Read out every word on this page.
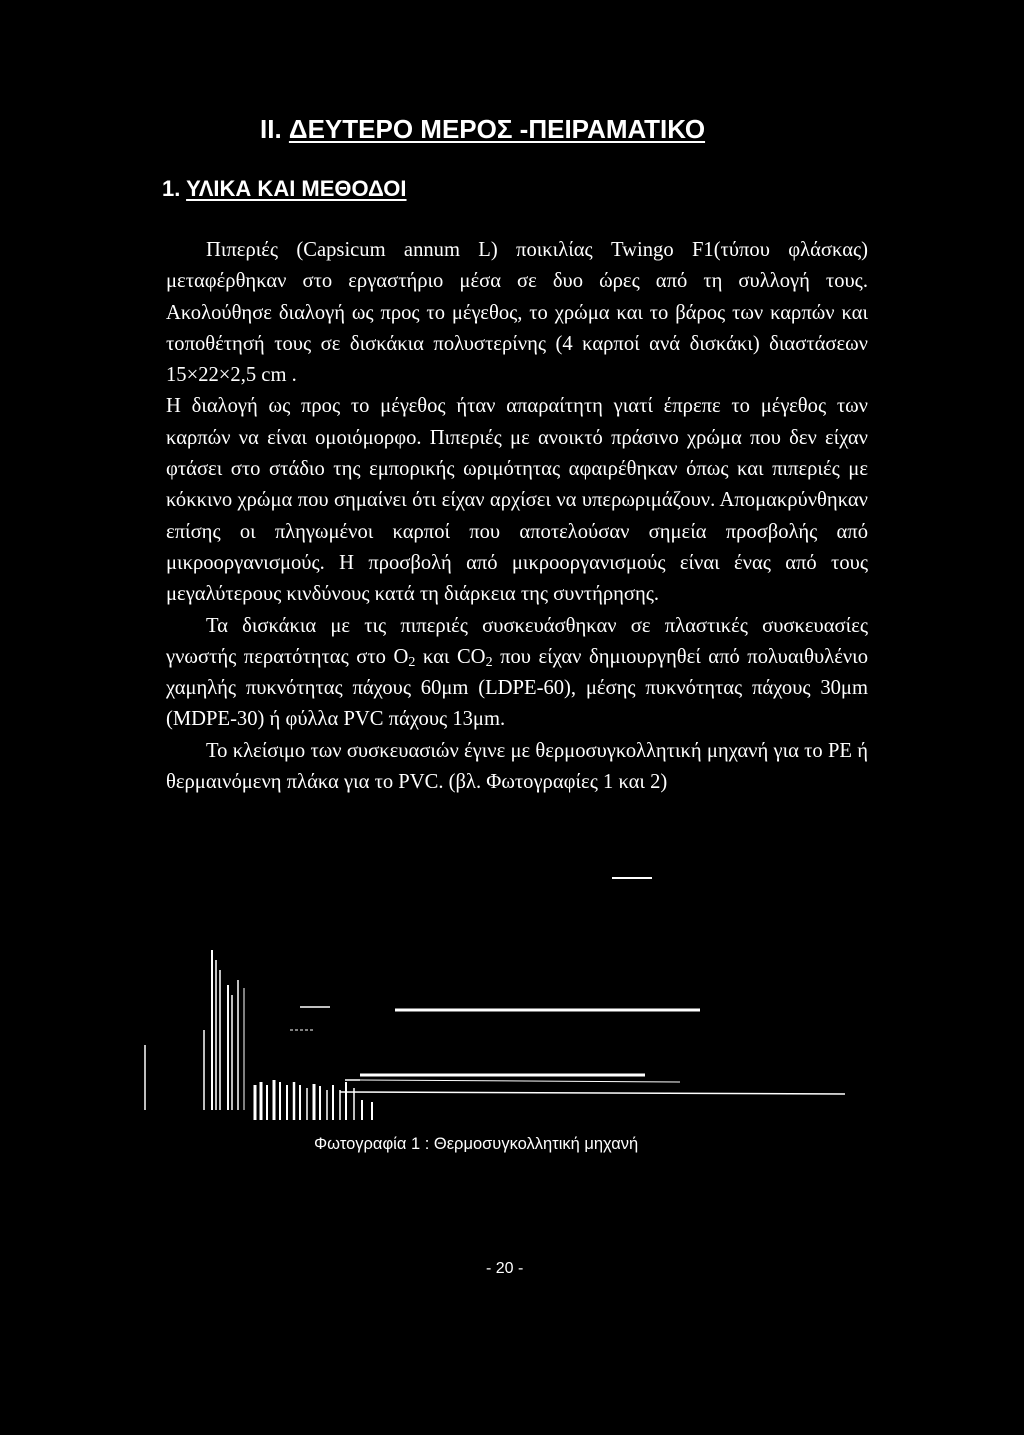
II. ΔΕΥΤΕΡΟ ΜΕΡΟΣ -ΠΕΙΡΑΜΑΤΙΚΟ
1. ΥΛΙΚΑ ΚΑΙ ΜΕΘΟΔΟΙ

Πιπεριές (Capsicum annum L) ποικιλίας Twingo F1(τύπου φλάσκας) μεταφέρθηκαν στο εργαστήριο μέσα σε δυο ώρες από τη συλλογή τους. Ακολούθησε διαλογή ως προς το μέγεθος, το χρώμα και το βάρος των καρπών και τοποθέτησή τους σε δισκάκια πολυστερίνης (4 καρποί ανά δισκάκι) διαστάσεων 15×22×2,5 cm .
Η διαλογή ως προς το μέγεθος ήταν απαραίτητη γιατί έπρεπε το μέγεθος των καρπών να είναι ομοιόμορφο. Πιπεριές με ανοικτό πράσινο χρώμα που δεν είχαν φτάσει στο στάδιο της εμπορικής ωριμότητας αφαιρέθηκαν όπως και πιπεριές με κόκκινο χρώμα που σημαίνει ότι είχαν αρχίσει να υπερωριμάζουν. Απομακρύνθηκαν επίσης οι πληγωμένοι καρποί που αποτελούσαν σημεία προσβολής από μικροοργανισμούς. Η προσβολή από μικροοργανισμούς είναι ένας από τους μεγαλύτερους κινδύνους κατά τη διάρκεια της συντήρησης.

Τα δισκάκια με τις πιπεριές συσκευάσθηκαν σε πλαστικές συσκευασίες γνωστής περατότητας στο $O_2$ και $CO_2$ που είχαν δημιουργηθεί από πολυαιθυλένιο χαμηλής πυκνότητας πάχους 60μm (LDPE-60), μέσης πυκνότητας πάχους 30μm (MDPE-30) ή φύλλα PVC πάχους 13μm.

Το κλείσιμο των συσκευασιών έγινε με θερμοσυγκολλητική μηχανή για το PE ή θερμαινόμενη πλάκα για το PVC. (βλ. Φωτογραφίες 1 και 2)

Φωτογραφία 1 : Θερμοσυγκολλητική μηχανή
- 20 -
